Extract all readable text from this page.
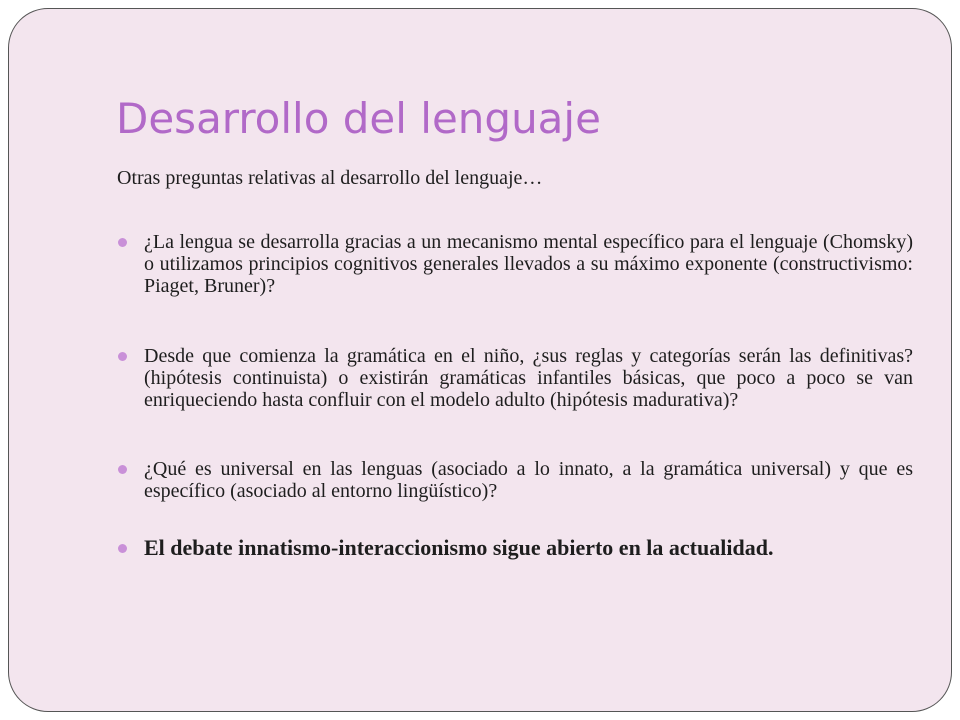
Desarrollo del lenguaje

Otras preguntas relativas al desarrollo del lenguaje…

¿La lengua se desarrolla gracias a un mecanismo mental específico para el lenguaje (Chomsky) o utilizamos principios cognitivos generales llevados a su máximo exponente (constructivismo: Piaget, Bruner)?
Desde que comienza la gramática en el niño, ¿sus reglas y categorías serán las definitivas? (hipótesis continuista) o existirán gramáticas infantiles básicas, que poco a poco se van enriqueciendo hasta confluir con el modelo adulto (hipótesis madurativa)?
¿Qué es universal en las lenguas (asociado a lo innato, a la gramática universal) y que es específico (asociado al entorno lingüístico)?
El debate innatismo-interaccionismo sigue abierto en la actualidad.
